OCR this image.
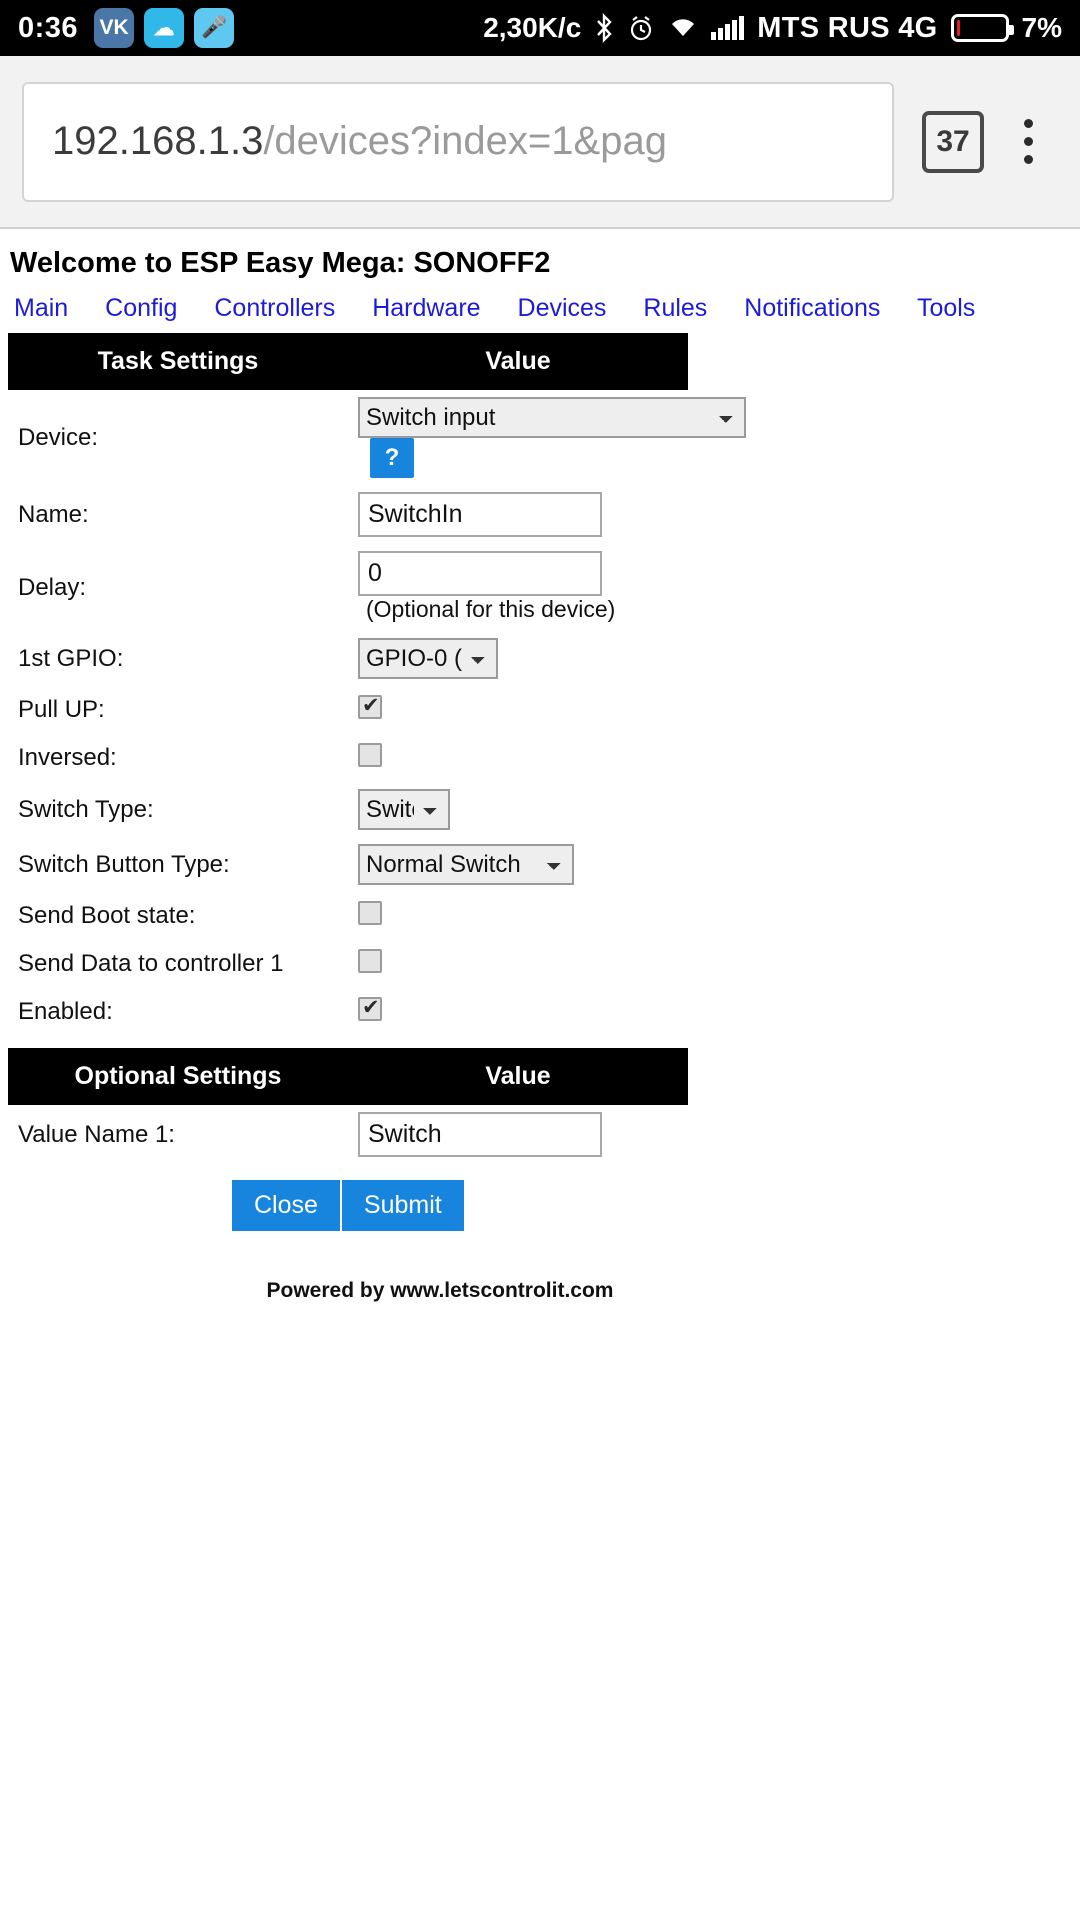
0:36 VK	☁	🎤	2,30K/c	MTS RUS 4G	7%
192.168.1.3 /devices?index=1&pag	37
Welcome to ESP Easy Mega: SONOFF2
Main Config Controllers Hardware Devices Rules Notifications Tools
Task Settings	Value
Device:	
Switch input ?
Name:	SwitchIn
Delay:	0(Optional for this device)
1st GPIO:	
GPIO-0 (D3)
Pull UP:	
Inversed:	
Switch Type:	
Switch
Switch Button Type:	
Normal Switch
Send Boot state:	
Send Data to controller 1	
Enabled:	
Optional Settings	Value
Value Name 1:	Switch
Close Submit
Powered by www.letscontrolit.com
